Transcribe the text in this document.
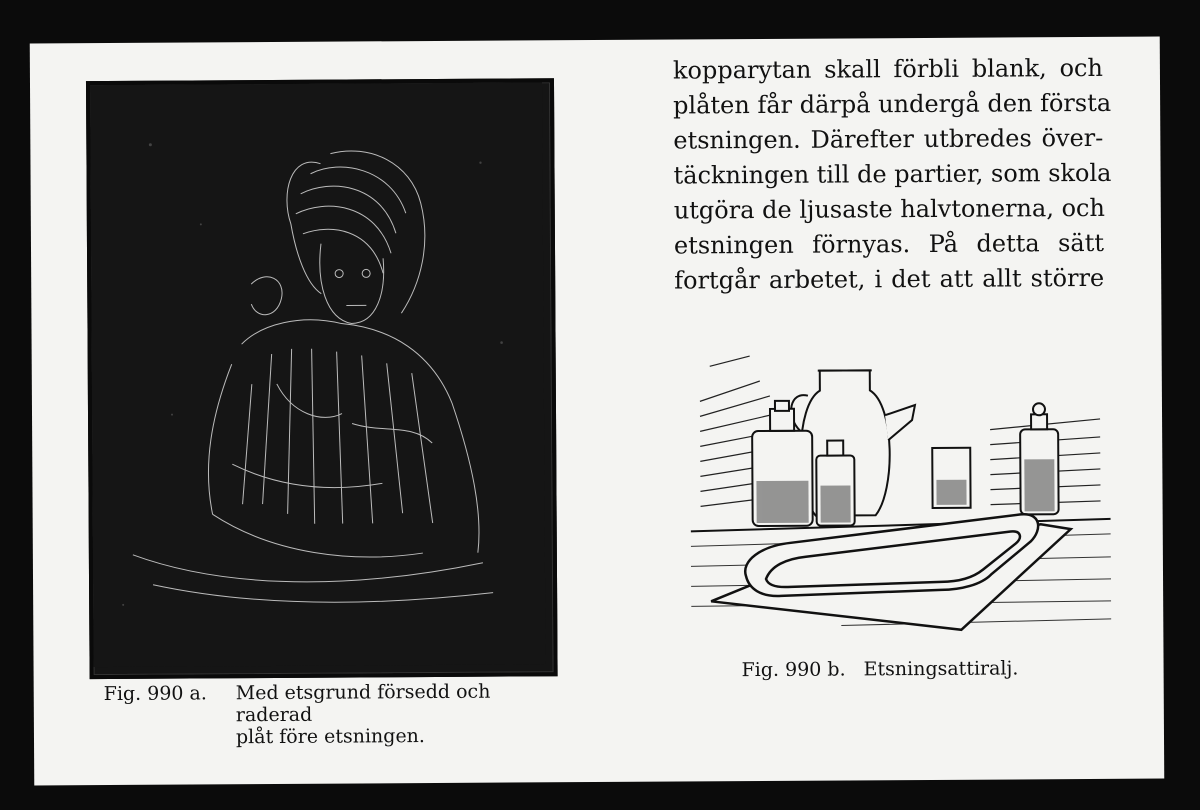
Fig. 990 a. Med etsgrund försedd och raderad
plåt före etsningen.
kopparytan skall förbli blank, och
plåten får därpå undergå den första
etsningen. Därefter utbredes över-
täckningen till de partier, som skola
utgöra de ljusaste halvtonerna, och
etsningen förnyas. På detta sätt
fortgår arbetet, i det att allt större
Fig. 990 b. Etsningsattiralj.
